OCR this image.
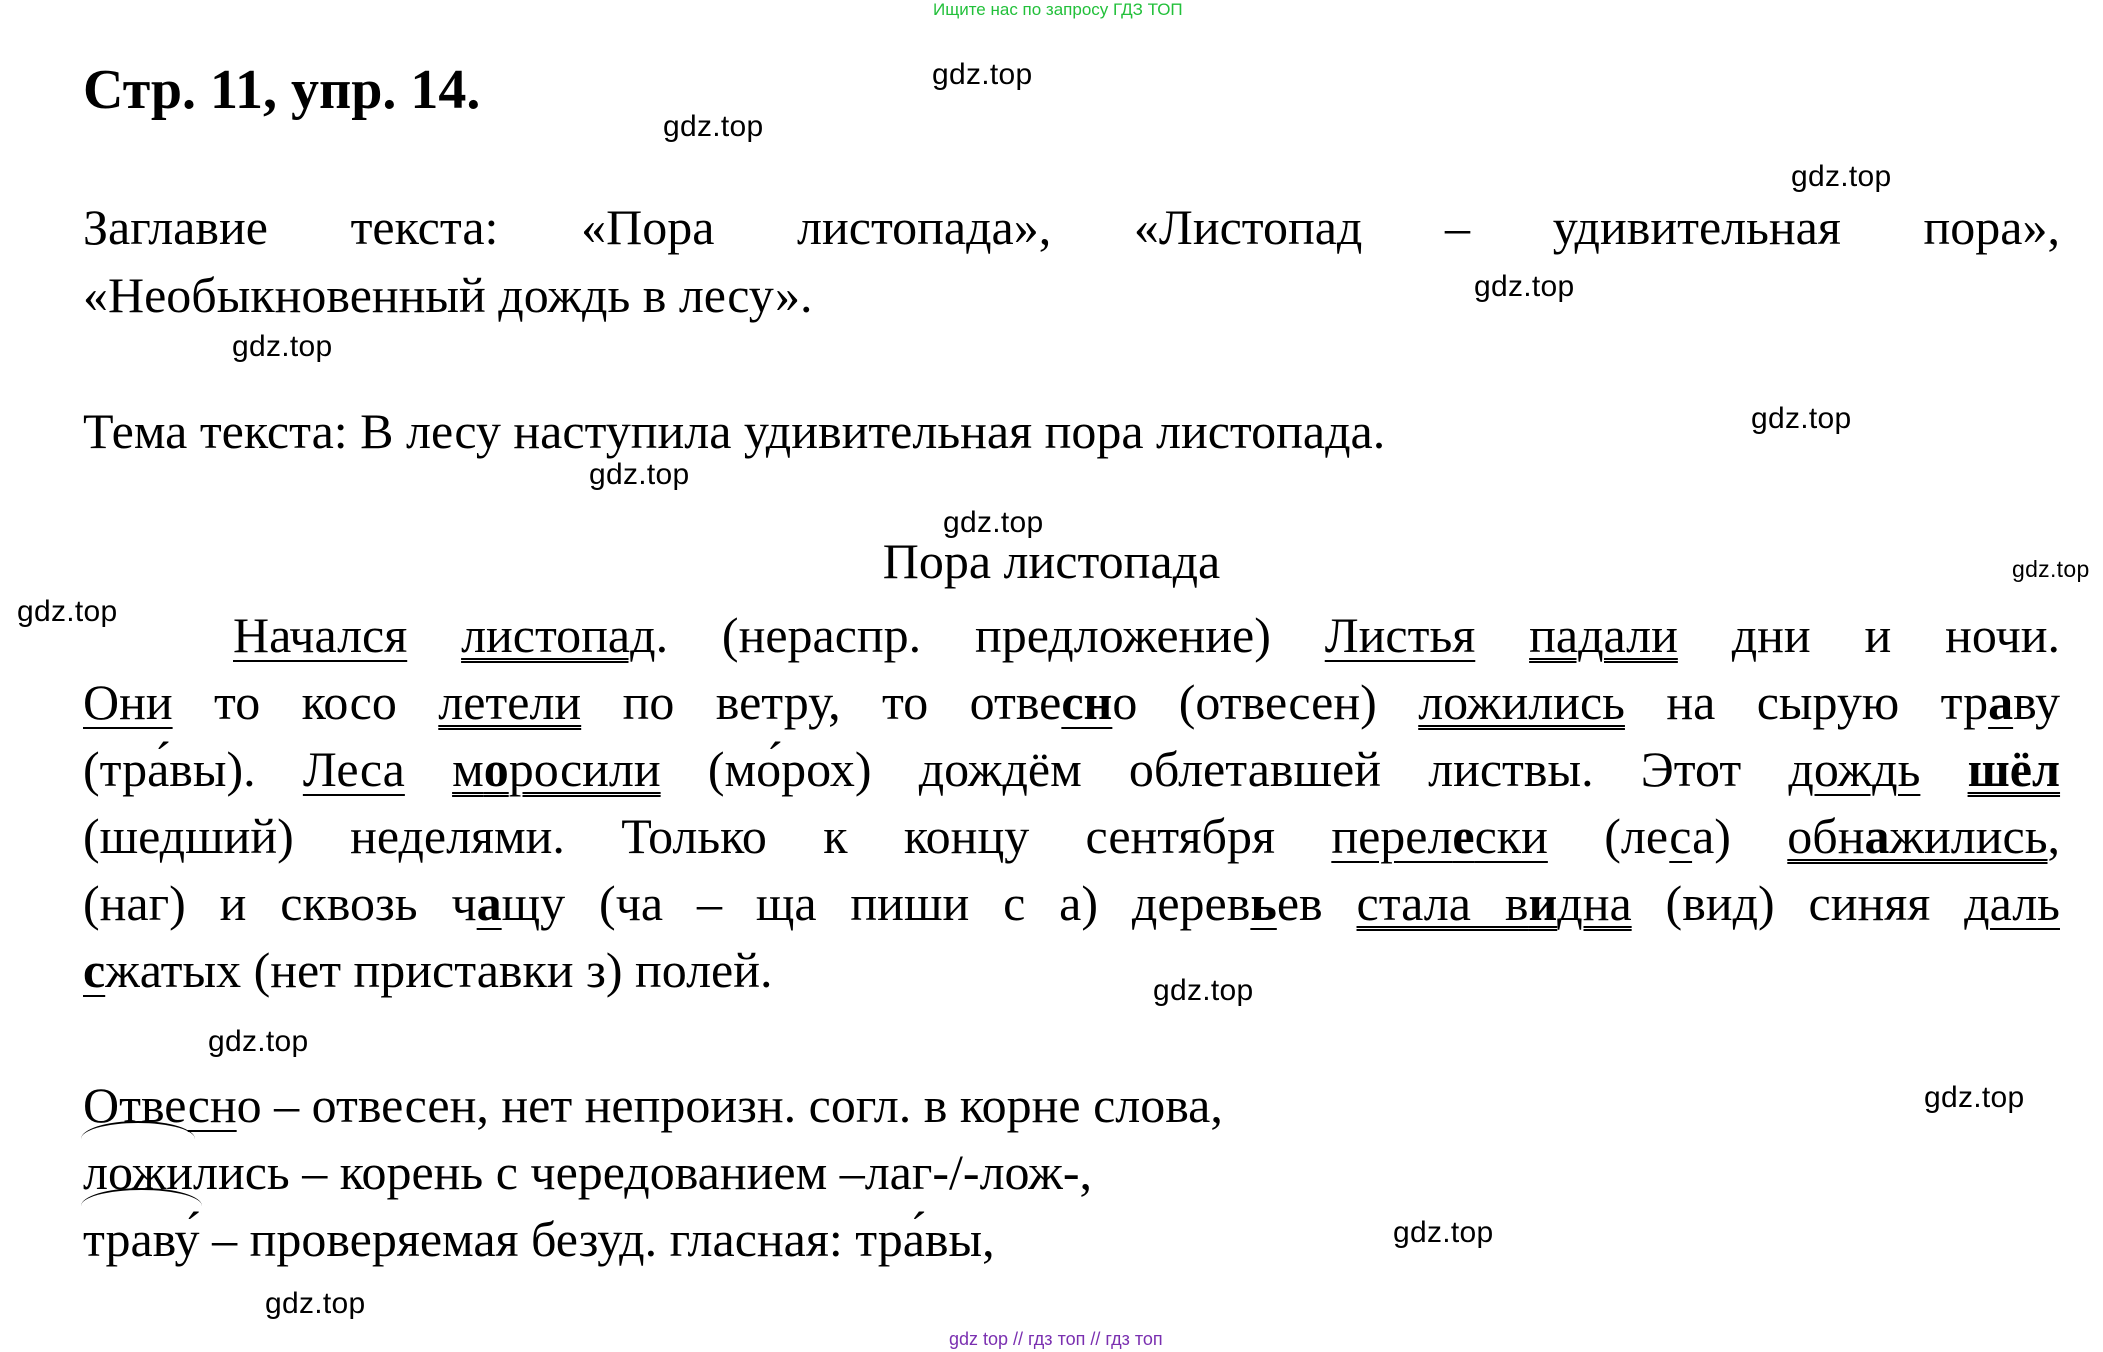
Ищите нас по запросу ГДЗ ТОП
Стр. 11, упр. 14.
Заглавие текста: «Пора листопада», «Листопад – удивительная пора»,
«Необыкновенный дождь в лесу».
Тема текста: В лесу наступила удивительная пора листопада.
Пора листопада
Начался листопад. (нераспр. предложение) Листья падали дни и ночи.
Они то косо летели по ветру, то отвесно (отвесен) ложились на сырую траву
(тра́вы). Леса моросили (мо́рох) дождём облетавшей листвы. Этот дождь шёл
(шедший) неделями. Только к концу сентября перелески (леса) обнажились,
(наг) и сквозь чащу (ча – ща пиши с а) деревьев стала видна (вид) синяя даль
сжатых (нет приставки з) полей.
Отвесно – отвесен, нет непроизн. согл. в корне слова,
ложились – корень с чередованием –лаг-/-лож-,
траву́ – проверяемая безуд. гласная: тра́вы,
gdz.top
gdz.top
gdz.top
gdz.top
gdz.top
gdz.top
gdz.top
gdz.top
gdz.top
gdz.top
gdz.top
gdz.top
gdz.top
gdz.top
gdz.top
gdz top // гдз топ // гдз топ
